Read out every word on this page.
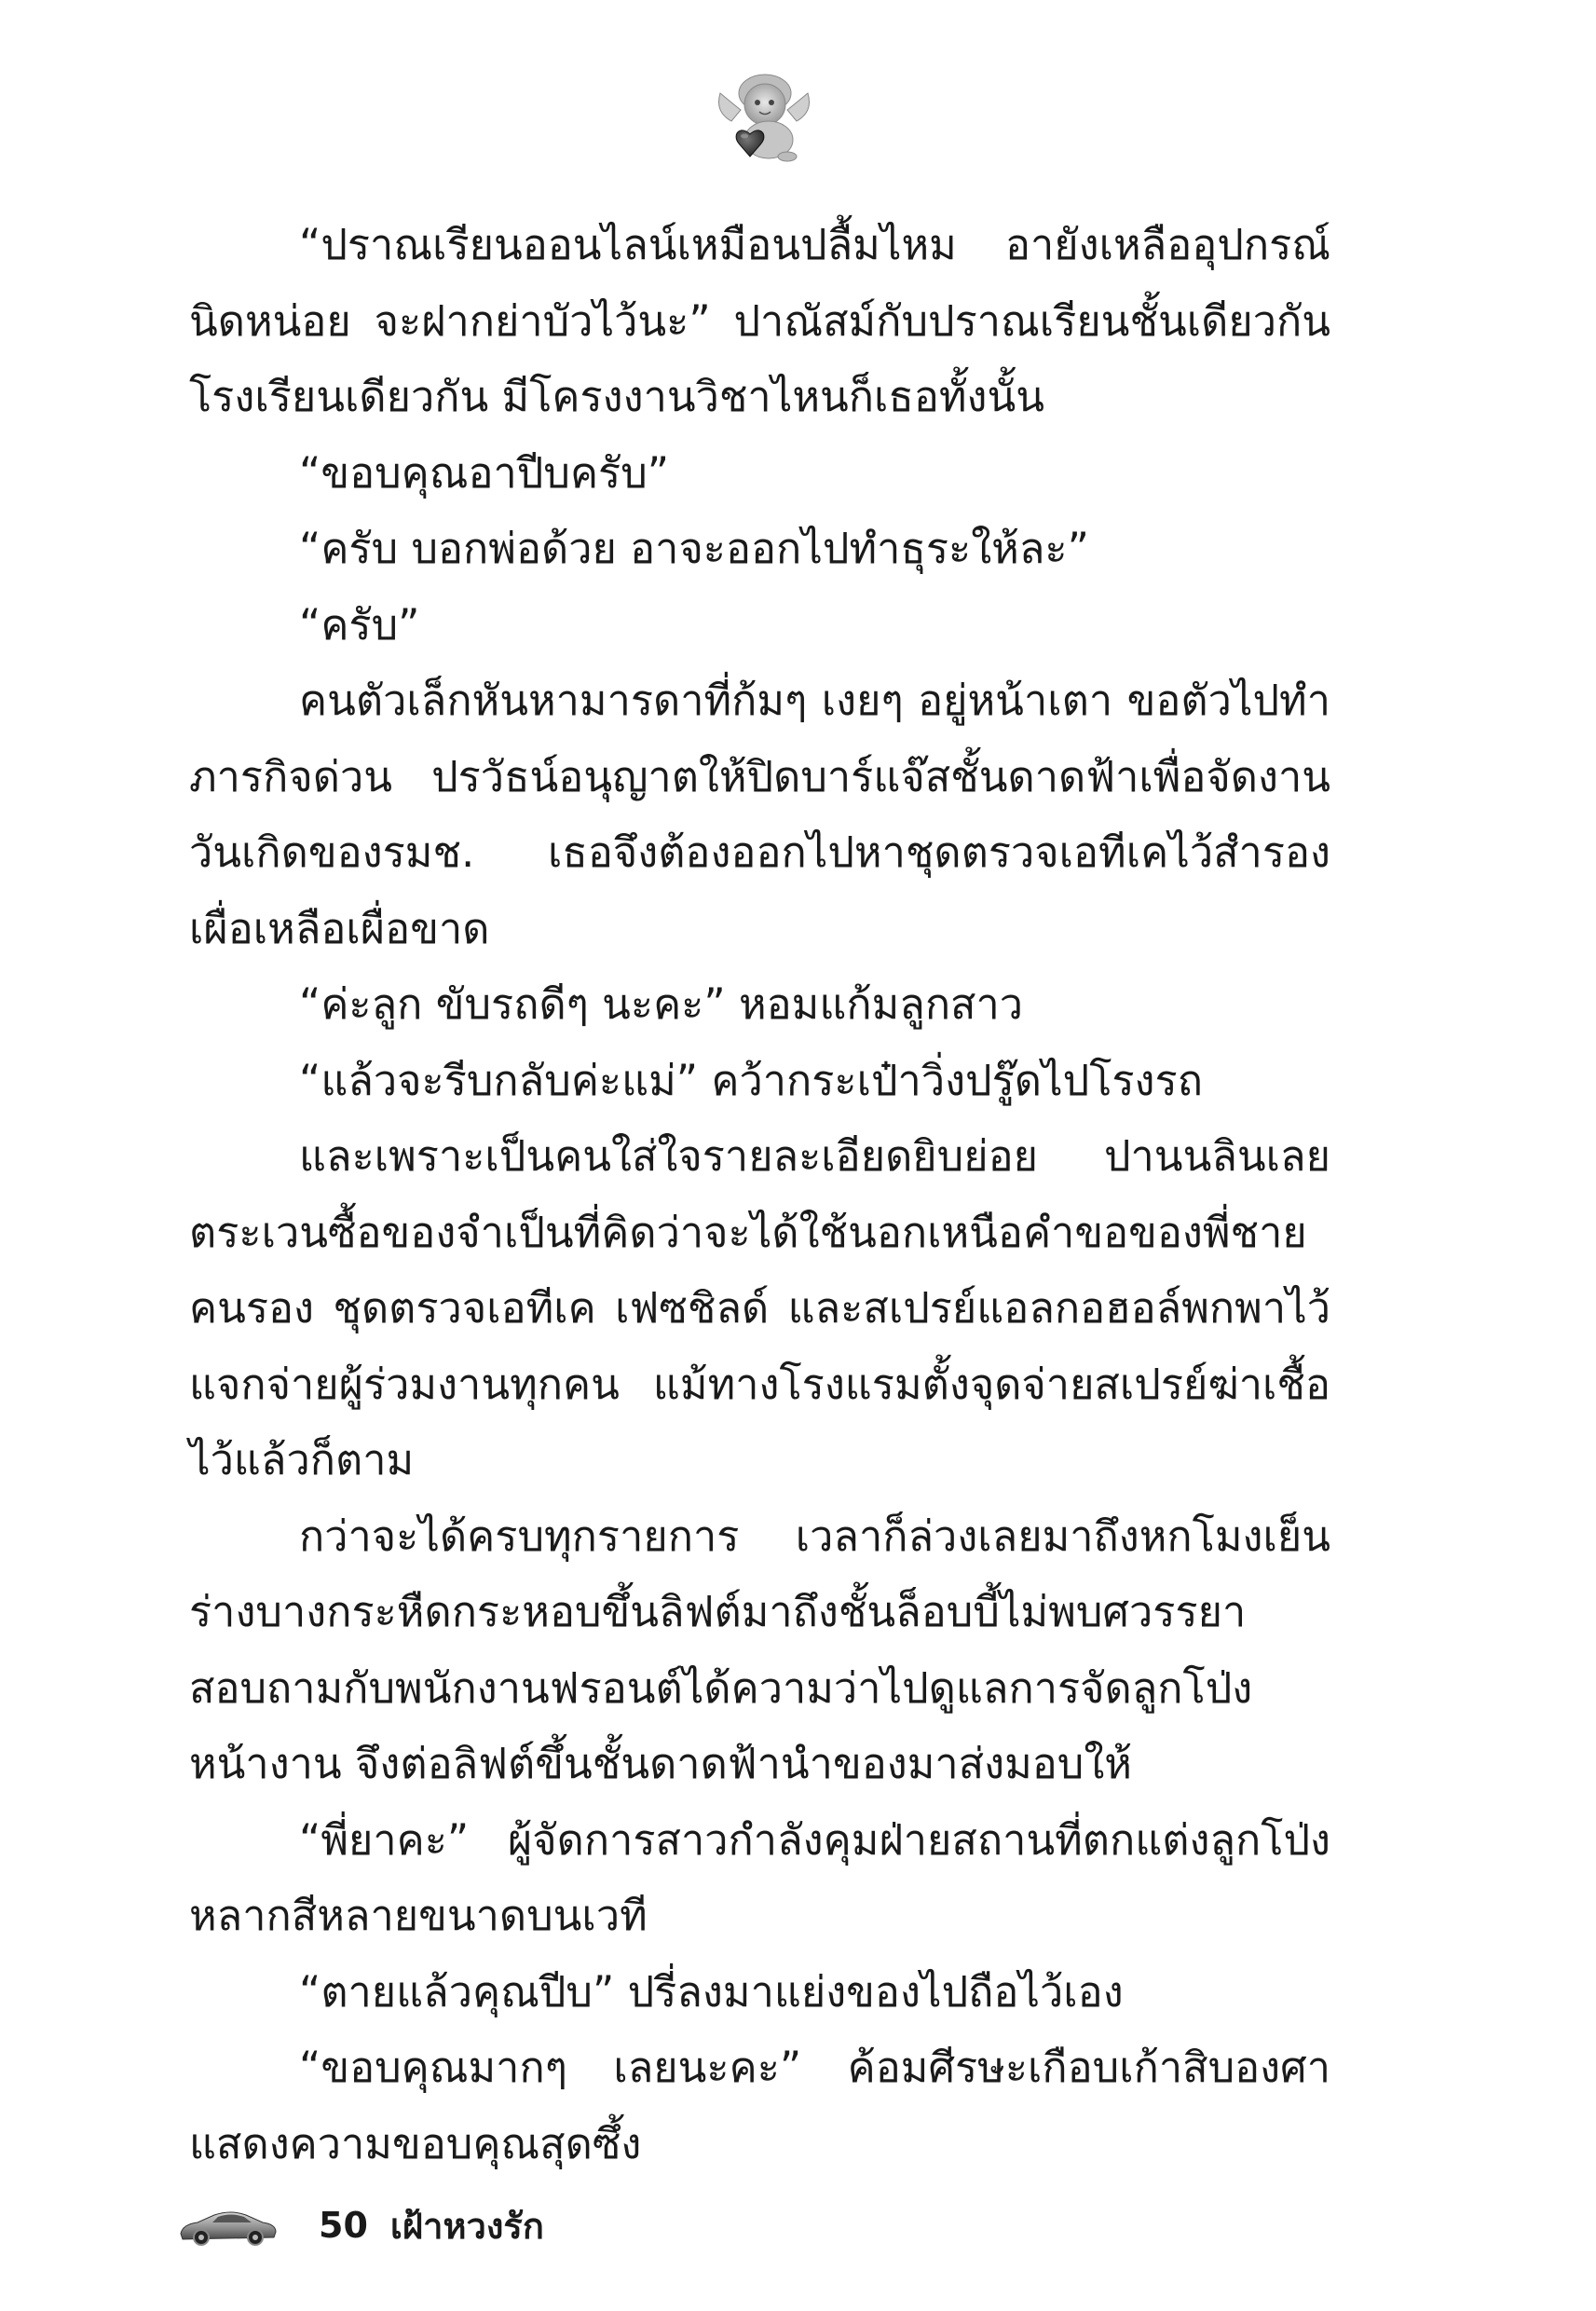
“ปราณเรียนออนไลน์เหมือนปลื้มไหม อายังเหลืออุปกรณ์นิดหน่อย จะฝากย่าบัวไว้นะ” ปาณัสม์กับปราณเรียนชั้นเดียวกันโรงเรียนเดียวกัน มีโครงงานวิชาไหนก็เธอทั้งนั้น

“ขอบคุณอาปีบครับ”

“ครับ บอกพ่อด้วย อาจะออกไปทำธุระให้ละ”

“ครับ”

คนตัวเล็กหันหามารดาที่ก้มๆ เงยๆ อยู่หน้าเตา ขอตัวไปทำภารกิจด่วน ปรวัธน์อนุญาตให้ปิดบาร์แจ๊สชั้นดาดฟ้าเพื่อจัดงานวันเกิดของรมช. เธอจึงต้องออกไปหาชุดตรวจเอทีเคไว้สำรองเผื่อเหลือเผื่อขาด

“ค่ะลูก ขับรถดีๆ นะคะ” หอมแก้มลูกสาว

“แล้วจะรีบกลับค่ะแม่” คว้ากระเป๋าวิ่งปรู๊ดไปโรงรถ

และเพราะเป็นคนใส่ใจรายละเอียดยิบย่อย ปานนลินเลยตระเวนซื้อของจำเป็นที่คิดว่าจะได้ใช้นอกเหนือคำขอของพี่ชายคนรอง ชุดตรวจเอทีเค เฟซชิลด์ และสเปรย์แอลกอฮอล์พกพาไว้แจกจ่ายผู้ร่วมงานทุกคน แม้ทางโรงแรมตั้งจุดจ่ายสเปรย์ฆ่าเชื้อไว้แล้วก็ตาม

กว่าจะได้ครบทุกรายการ เวลาก็ล่วงเลยมาถึงหกโมงเย็นร่างบางกระหืดกระหอบขึ้นลิฟต์มาถึงชั้นล็อบบี้ไม่พบศวรรยาสอบถามกับพนักงานฟรอนต์ได้ความว่าไปดูแลการจัดลูกโป่งหน้างาน จึงต่อลิฟต์ขึ้นชั้นดาดฟ้านำของมาส่งมอบให้

“พี่ยาคะ” ผู้จัดการสาวกำลังคุมฝ่ายสถานที่ตกแต่งลูกโป่งหลากสีหลายขนาดบนเวที

“ตายแล้วคุณปีบ” ปรี่ลงมาแย่งของไปถือไว้เอง

“ขอบคุณมากๆ เลยนะคะ” ค้อมศีรษะเกือบเก้าสิบองศาแสดงความขอบคุณสุดซึ้ง

50 เฝ้าหวงรัก
